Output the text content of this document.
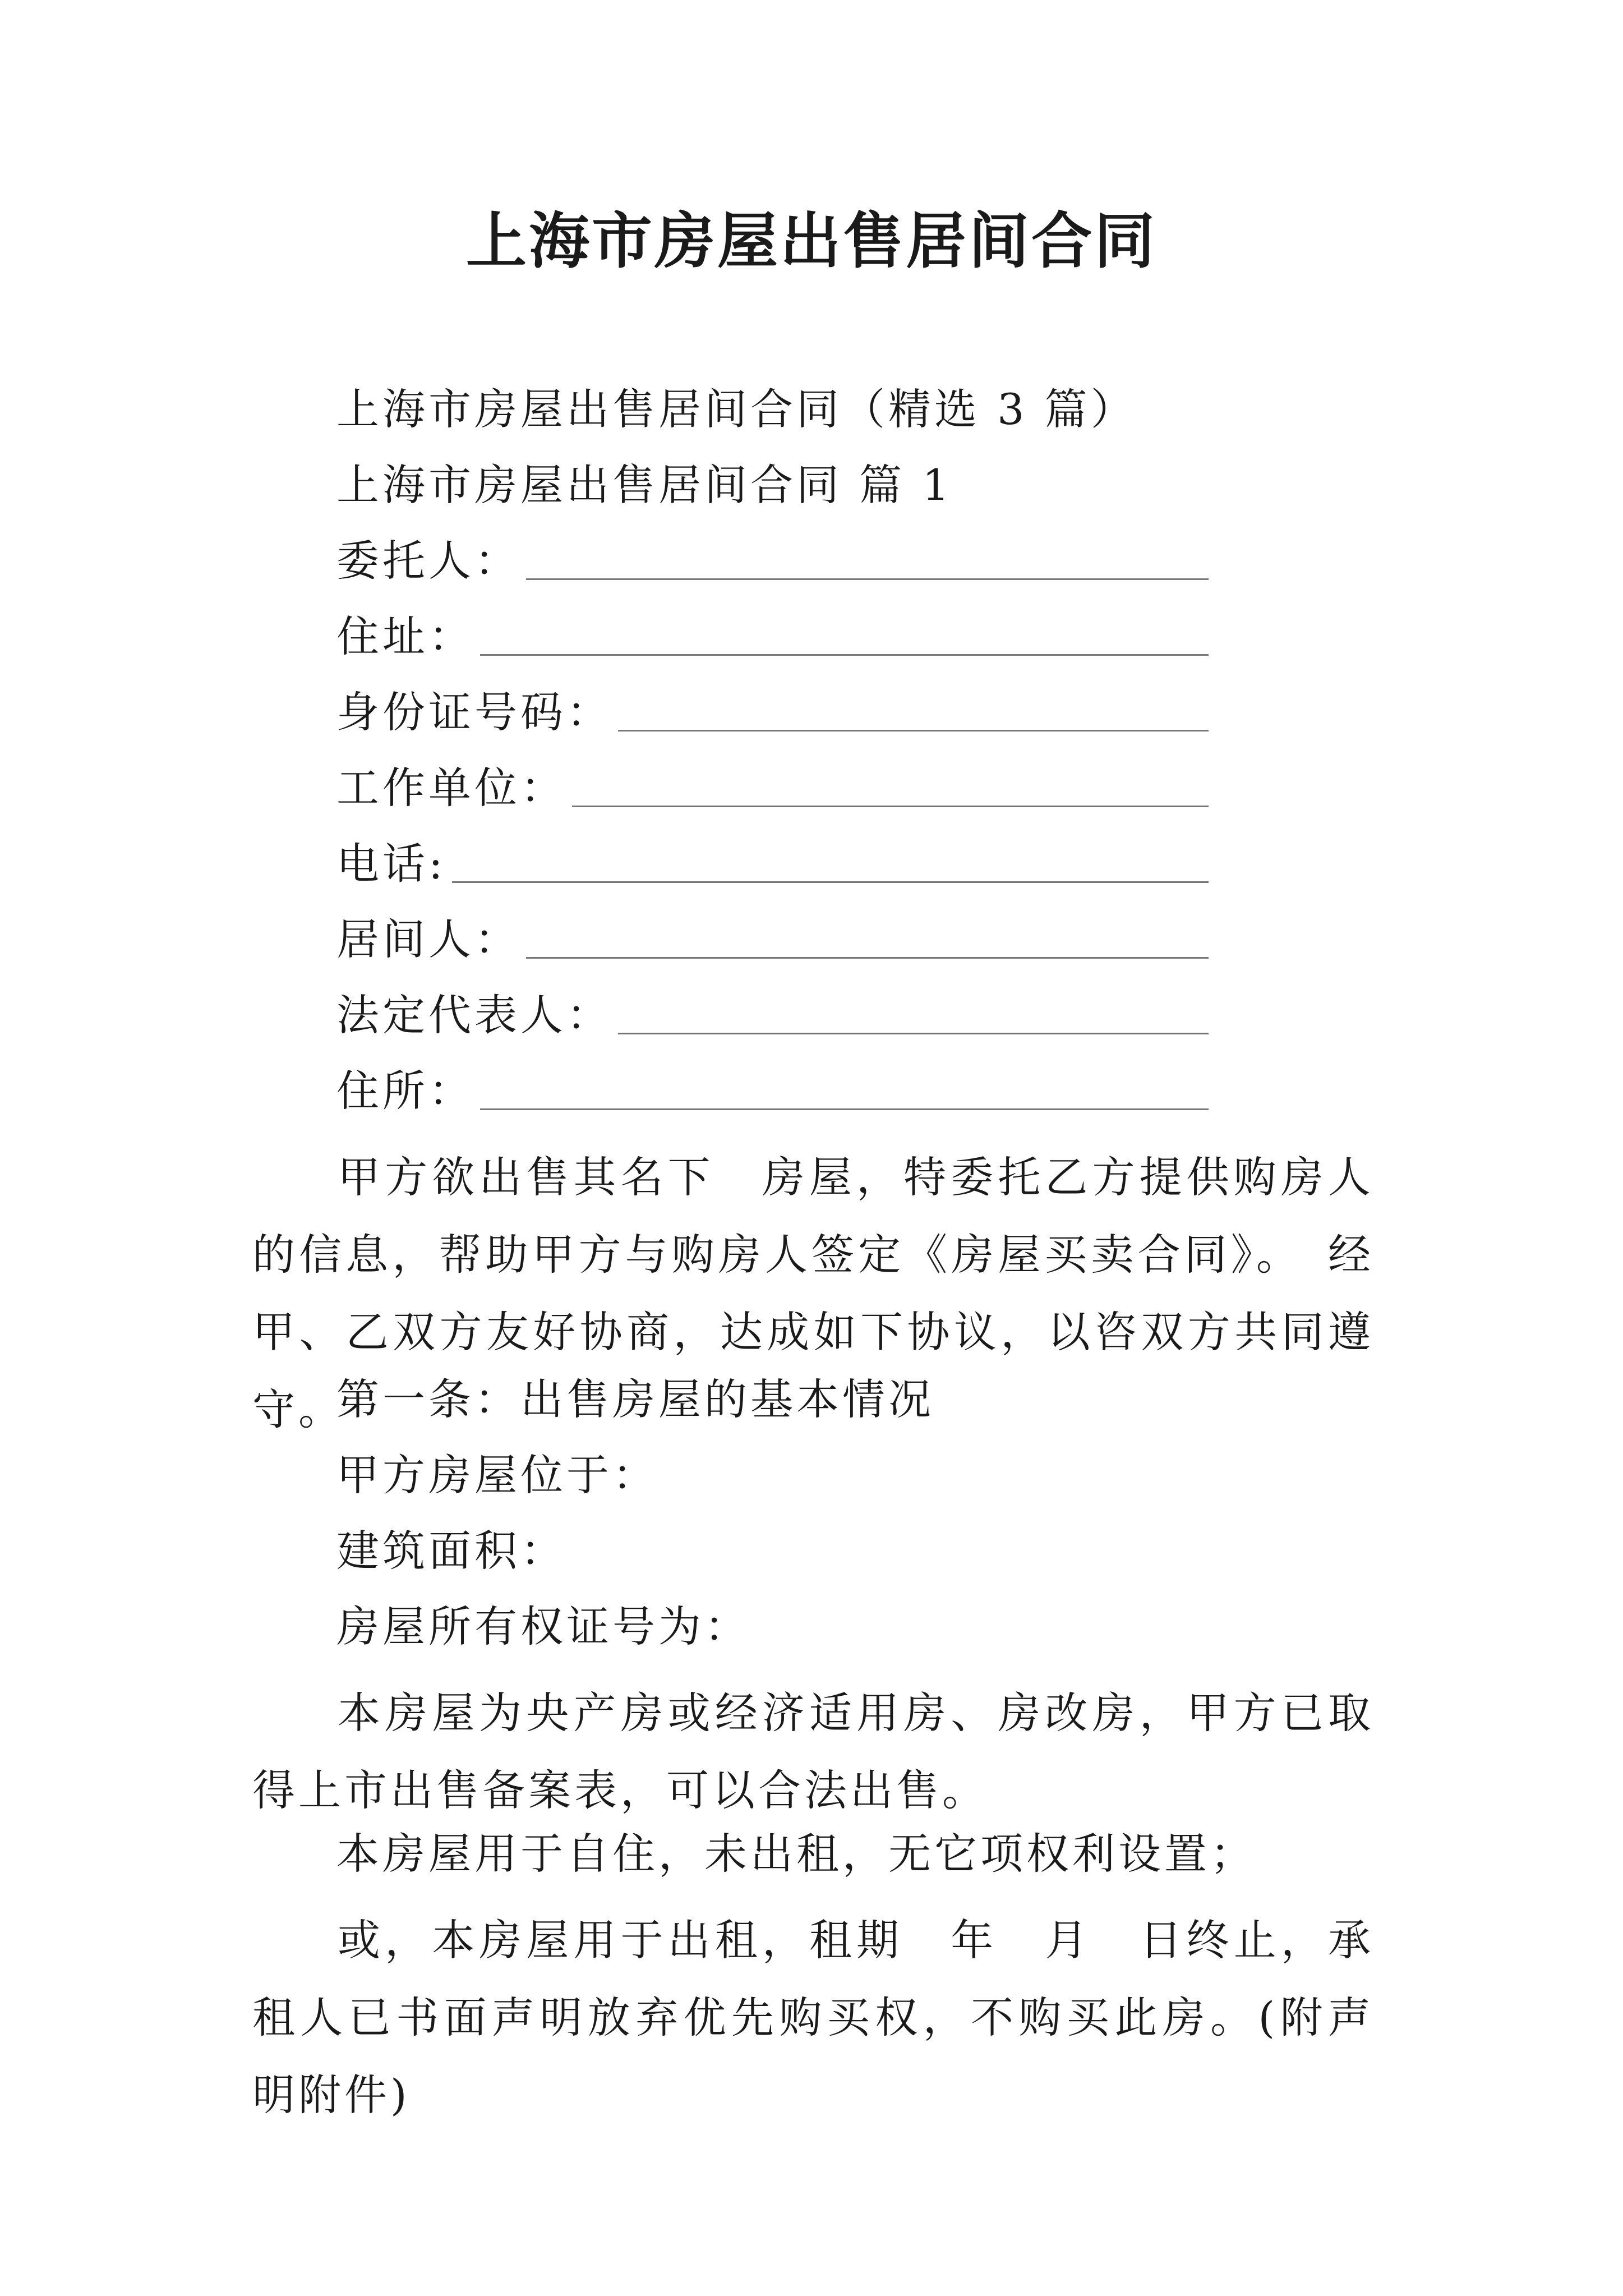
上海市房屋出售居间合同
上海市房屋出售居间合同（精选 3 篇）
上海市房屋出售居间合同 篇 1
委托人：
住址：
身份证号码：
工作单位：
电话:
居间人：
法定代表人：
住所：

甲方欲出售其名下　房屋，特委托乙方提供购房人的信息，帮助甲方与购房人签定《房屋买卖合同》。　经甲、乙双方友好协商，达成如下协议，以咨双方共同遵守。

第一条：出售房屋的基本情况
甲方房屋位于：
建筑面积：
房屋所有权证号为：

本房屋为央产房或经济适用房、房改房，甲方已取得上市出售备案表，可以合法出售。

本房屋用于自住，未出租，无它项权利设置；

或，本房屋用于出租，租期　年　月　日终止，承租人已书面声明放弃优先购买权，不购买此房。(附声明附件)
